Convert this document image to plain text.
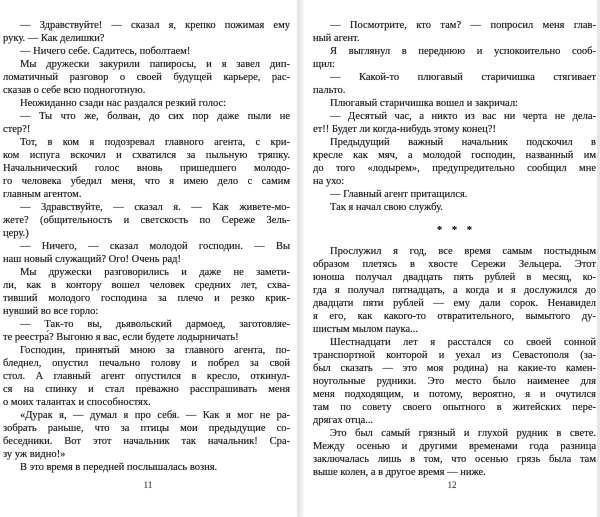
— Здравствуйте! — сказал я, крепко пожимая ему
руку. — Как делишки?
— Ничего себе. Садитесь, поболтаем!
Мы дружески закурили папиросы, и я завел дип-
ломатичный разговор о своей будущей карьере, рас-
сказав о себе всю подноготную.
Неожиданно сзади нас раздался резкий голос:
— Ты что же, болван, до сих пор даже пыли не
стер?!
Тот, в ком я подозревал главного агента, с кри-
ком испуга вскочил и схватился за пыльную тряпку.
Начальнический голос вновь пришедшего молодо-
го человека убедил меня, что я имею дело с самим
главным агентом.
— Здравствуйте, — сказал я. — Как живете-мо-
жете? (общительность и светскость по Сереже Зель-
церу.)
— Ничего, — сказал молодой господин. — Вы
наш новый служащий? Ого! Очень рад!
Мы дружески разговорились и даже не замети-
ли, как в контору вошел человек средних лет, схва-
тивший молодого господина за плечо и резко крик-
нувший во все горло:
— Так-то вы, дьявольский дармоед, заготовляе-
те реестра́? Выгоню я вас, если будете лодырничать!
Господин, принятый мною за главного агента, по-
бледнел, опустил печально голову и побрел за свой
стол. А главный агент опустился в кресло, откинул-
ся на спинку и стал преважно расспрашивать меня
о моих талантах и способностях.
«Дурак я, — думал я про себя. — Как я мог не ра-
зобрать раньше, что за птицы мои предыдущие со-
беседники. Вот этот начальник так начальник! Сра-
зу уж видно!»
В это время в передней послышалась возня.
11
— Посмотрите, кто там? — попросил меня глав-
ный агент.
Я выглянул в переднюю и успокоительно сооб-
щил:
— Какой-то плюгавый старичишка стягивает
пальто.
Плюгавый старичишка вошел и закричал:
— Десятый час, а никто из вас ни черта не дела-
ет!! Будет ли когда-нибудь этому конец?!
Предыдущий важный начальник подскочил в
кресле как мяч, а молодой господин, названный им
до того «лодырем», предупредительно сообщил мне
на ухо:
— Главный агент притащился.
Так я начал свою службу.
* * *
Прослужил я год, все время самым постыдным
образом плетясь в хвосте Сережи Зельцера. Этот
юноша получал двадцать пять рублей в месяц, ко-
гда я получал пятнадцать, а когда и я дослужился до
двадцати пяти рублей — ему дали сорок. Ненавидел
я его, как какого-то отвратительного, вымытого ду-
шистым мылом паука...
Шестнадцати лет я расстался со своей сонной
транспортной конторой и уехал из Севастополя (за-
был сказать — это моя родина) на какие-то камен-
ноугольные рудники. Это место было наименее для
меня подходящим, и потому, вероятно, я и очутился
там по совету своего опытного в житейских пере-
дрягах отца...
Это был самый грязный и глухой рудник в свете.
Между осенью и другими временами года разница
заключалась лишь в том, что осенью грязь была там
выше колен, а в другое время — ниже.
12
